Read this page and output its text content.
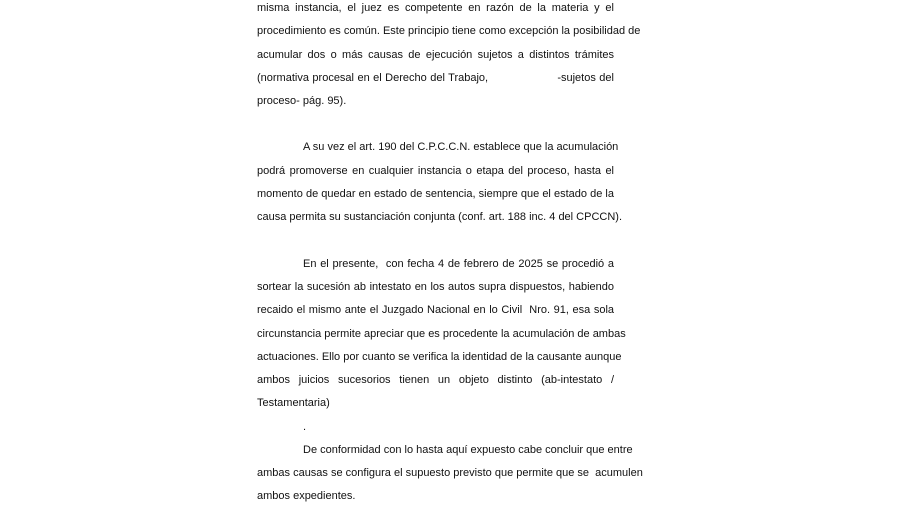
misma instancia, el juez es competente en razón de la materia y el
procedimiento es común. Este principio tiene como excepción la posibilidad de
acumular dos o más causas de ejecución sujetos a distintos trámites
(normativa procesal en el Derecho del Trabajo,                    -sujetos del
proceso- pág. 95).
A su vez el art. 190 del C.P.C.C.N. establece que la acumulación
podrá promoverse en cualquier instancia o etapa del proceso, hasta el
momento de quedar en estado de sentencia, siempre que el estado de la
causa permita su sustanciación conjunta (conf. art. 188 inc. 4 del CPCCN).
En el presente,  con fecha 4 de febrero de 2025 se procedió a
sortear la sucesión ab intestato en los autos supra dispuestos, habiendo
recaido el mismo ante el Juzgado Nacional en lo Civil  Nro. 91, esa sola
circunstancia permite apreciar que es procedente la acumulación de ambas
actuaciones. Ello por cuanto se verifica la identidad de la causante aunque
ambos juicios sucesorios tienen un objeto distinto (ab-intestato /
Testamentaria)
.
De conformidad con lo hasta aquí expuesto cabe concluir que entre
ambas causas se configura el supuesto previsto que permite que se  acumulen
ambos expedientes.
